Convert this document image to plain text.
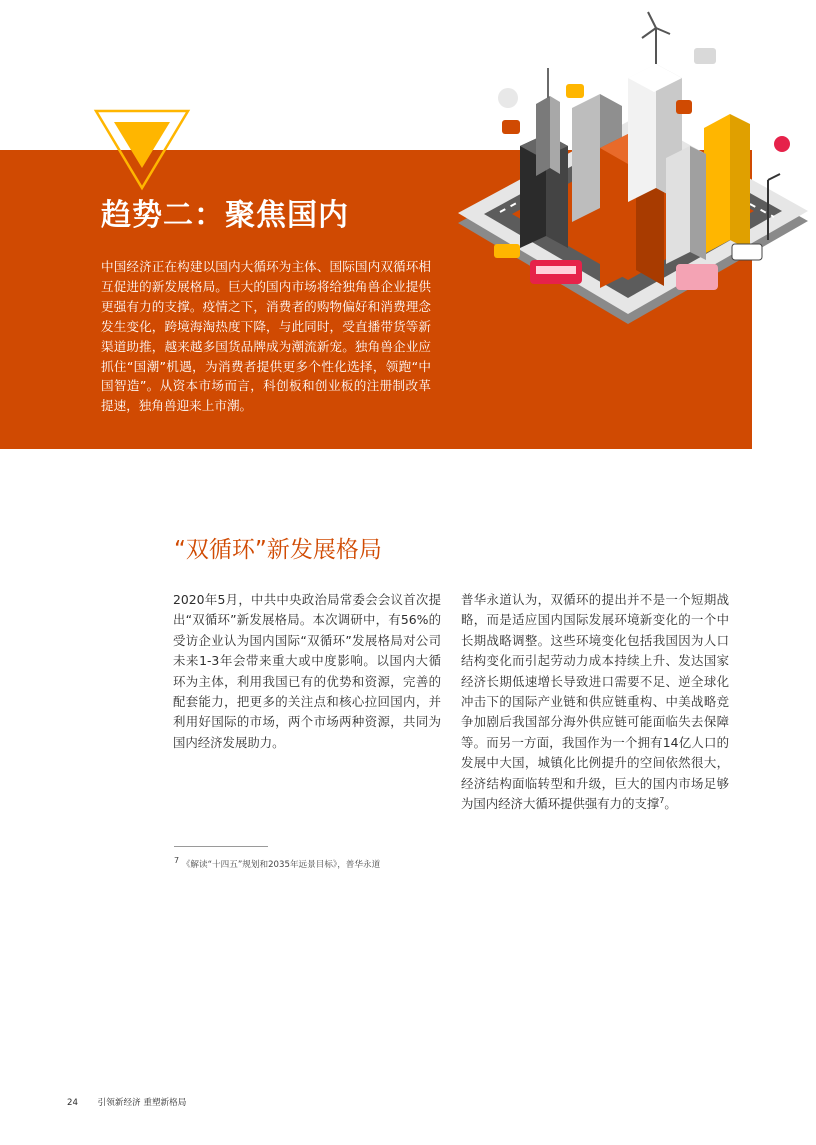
趋势二：聚焦国内

中国经济正在构建以国内大循环为主体、国际国内双循环相互促进的新发展格局。巨大的国内市场将给独角兽企业提供更强有力的支撑。疫情之下，消费者的购物偏好和消费理念发生变化，跨境海淘热度下降，与此同时，受直播带货等新渠道助推，越来越多国货品牌成为潮流新宠。独角兽企业应抓住“国潮”机遇，为消费者提供更多个性化选择，领跑“中国智造”。从资本市场而言，科创板和创业板的注册制改革提速，独角兽迎来上市潮。

“双循环”新发展格局

2020年5月，中共中央政治局常委会会议首次提出“双循环”新发展格局。本次调研中，有56%的受访企业认为国内国际“双循环”发展格局对公司未来1-3年会带来重大或中度影响。以国内大循环为主体，利用我国已有的优势和资源，完善的配套能力，把更多的关注点和核心拉回国内，并利用好国际的市场，两个市场两种资源，共同为国内经济发展助力。

普华永道认为，双循环的提出并不是一个短期战略，而是适应国内国际发展环境新变化的一个中长期战略调整。这些环境变化包括我国因为人口结构变化而引起劳动力成本持续上升、发达国家经济长期低速增长导致进口需要不足、逆全球化冲击下的国际产业链和供应链重构、中美战略竞争加剧后我国部分海外供应链可能面临失去保障等。而另一方面，我国作为一个拥有14亿人口的发展中大国，城镇化比例提升的空间依然很大，经济结构面临转型和升级，巨大的国内市场足够为国内经济大循环提供强有力的支撑$^7$。

$^7$ 《解读“十四五”规划和2035年远景目标》，普华永道
24 引领新经济 重塑新格局
